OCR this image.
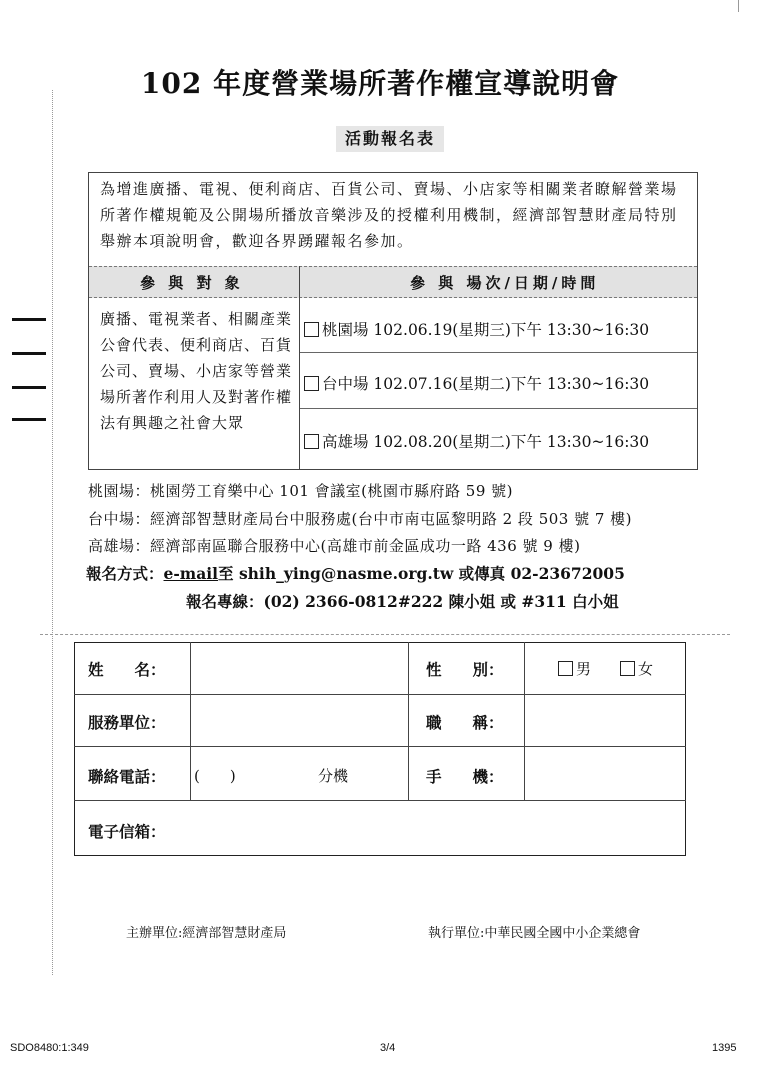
102 年度營業場所著作權宣導說明會
活動報名表
為增進廣播、電視、便利商店、百貨公司、賣場、小店家等相關業者瞭解營業場所著作權規範及公開場所播放音樂涉及的授權利用機制，經濟部智慧財產局特別舉辦本項說明會，歡迎各界踴躍報名參加。
參 與 對 象	參 與 場次/日期/時間
廣播、電視業者、相關產業公會代表、便利商店、百貨公司、賣場、小店家等營業場所著作利用人及對著作權法有興趣之社會大眾
桃園場 102.06.19(星期三)下午 13:30~16:30
台中場 102.07.16(星期二)下午 13:30~16:30
高雄場 102.08.20(星期二)下午 13:30~16:30
桃園場：桃園勞工育樂中心 101 會議室(桃園市縣府路 59 號)
台中場：經濟部智慧財產局台中服務處(台中市南屯區黎明路 2 段 503 號 7 樓)
高雄場：經濟部南區聯合服務中心(高雄市前金區成功一路 436 號 9 樓)
報名方式：e-mail至 shih_ying@nasme.org.tw 或傳真 02-23672005
報名專線：(02) 2366-0812#222 陳小姐 或 #311 白小姐
姓　　名：	性　　別：	男	女
服務單位：	職　　稱：
聯絡電話： (　　)	分機	手　　機：
電子信箱：
主辦單位:經濟部智慧財產局	執行單位:中華民國全國中小企業總會
SDO8480:1:349	3/4	1395
